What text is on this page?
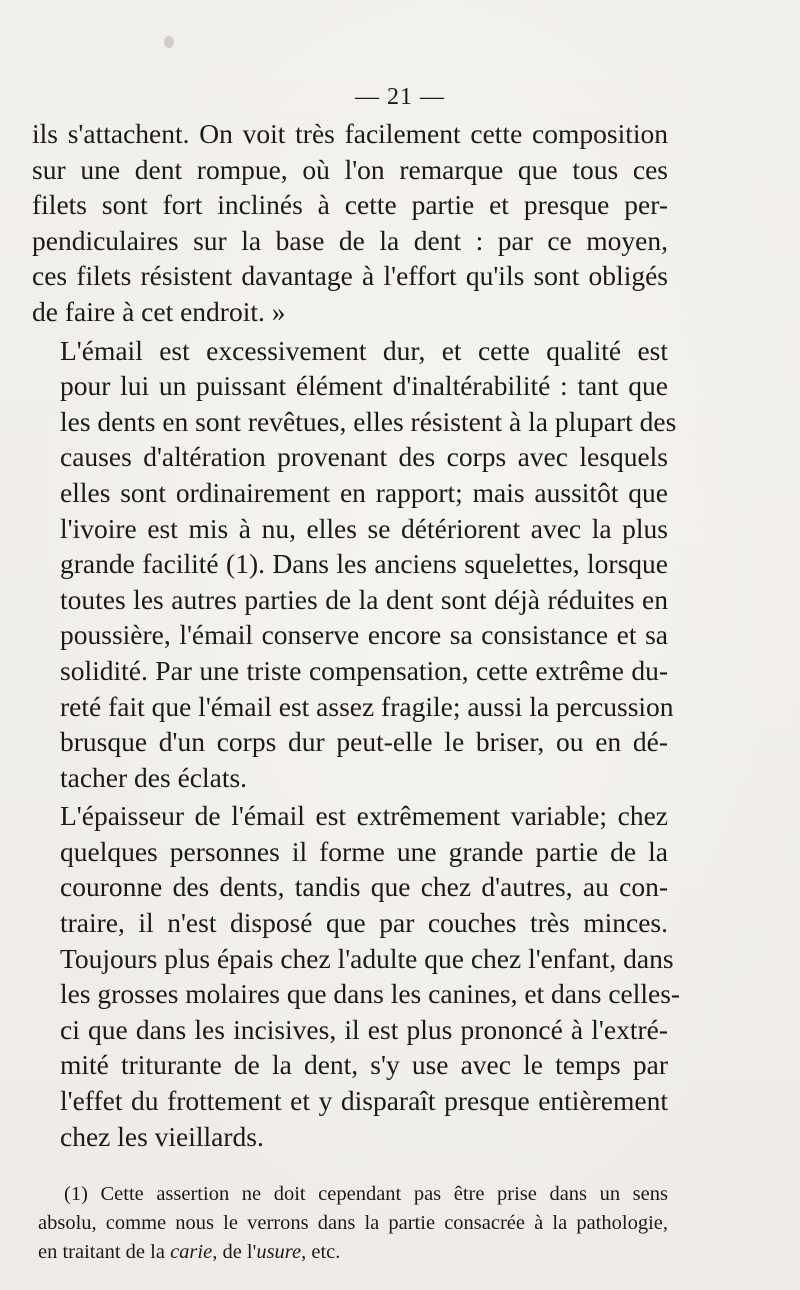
— 21 —

ils s'attachent. On voit très facilement cette composition
sur une dent rompue, où l'on remarque que tous ces
filets sont fort inclinés à cette partie et presque per-
pendiculaires sur la base de la dent : par ce moyen,
ces filets résistent davantage à l'effort qu'ils sont obligés
de faire à cet endroit. »

L'émail est excessivement dur, et cette qualité est
pour lui un puissant élément d'inaltérabilité : tant que
les dents en sont revêtues, elles résistent à la plupart des
causes d'altération provenant des corps avec lesquels
elles sont ordinairement en rapport; mais aussitôt que
l'ivoire est mis à nu, elles se détériorent avec la plus
grande facilité (1). Dans les anciens squelettes, lorsque
toutes les autres parties de la dent sont déjà réduites en
poussière, l'émail conserve encore sa consistance et sa
solidité. Par une triste compensation, cette extrême du-
reté fait que l'émail est assez fragile; aussi la percussion
brusque d'un corps dur peut-elle le briser, ou en dé-
tacher des éclats.

L'épaisseur de l'émail est extrêmement variable; chez
quelques personnes il forme une grande partie de la
couronne des dents, tandis que chez d'autres, au con-
traire, il n'est disposé que par couches très minces.
Toujours plus épais chez l'adulte que chez l'enfant, dans
les grosses molaires que dans les canines, et dans celles-
ci que dans les incisives, il est plus prononcé à l'extré-
mité triturante de la dent, s'y use avec le temps par
l'effet du frottement et y disparaît presque entièrement
chez les vieillards.

(1) Cette assertion ne doit cependant pas être prise dans un sens
absolu, comme nous le verrons dans la partie consacrée à la pathologie,
en traitant de la carie, de l'usure, etc.
